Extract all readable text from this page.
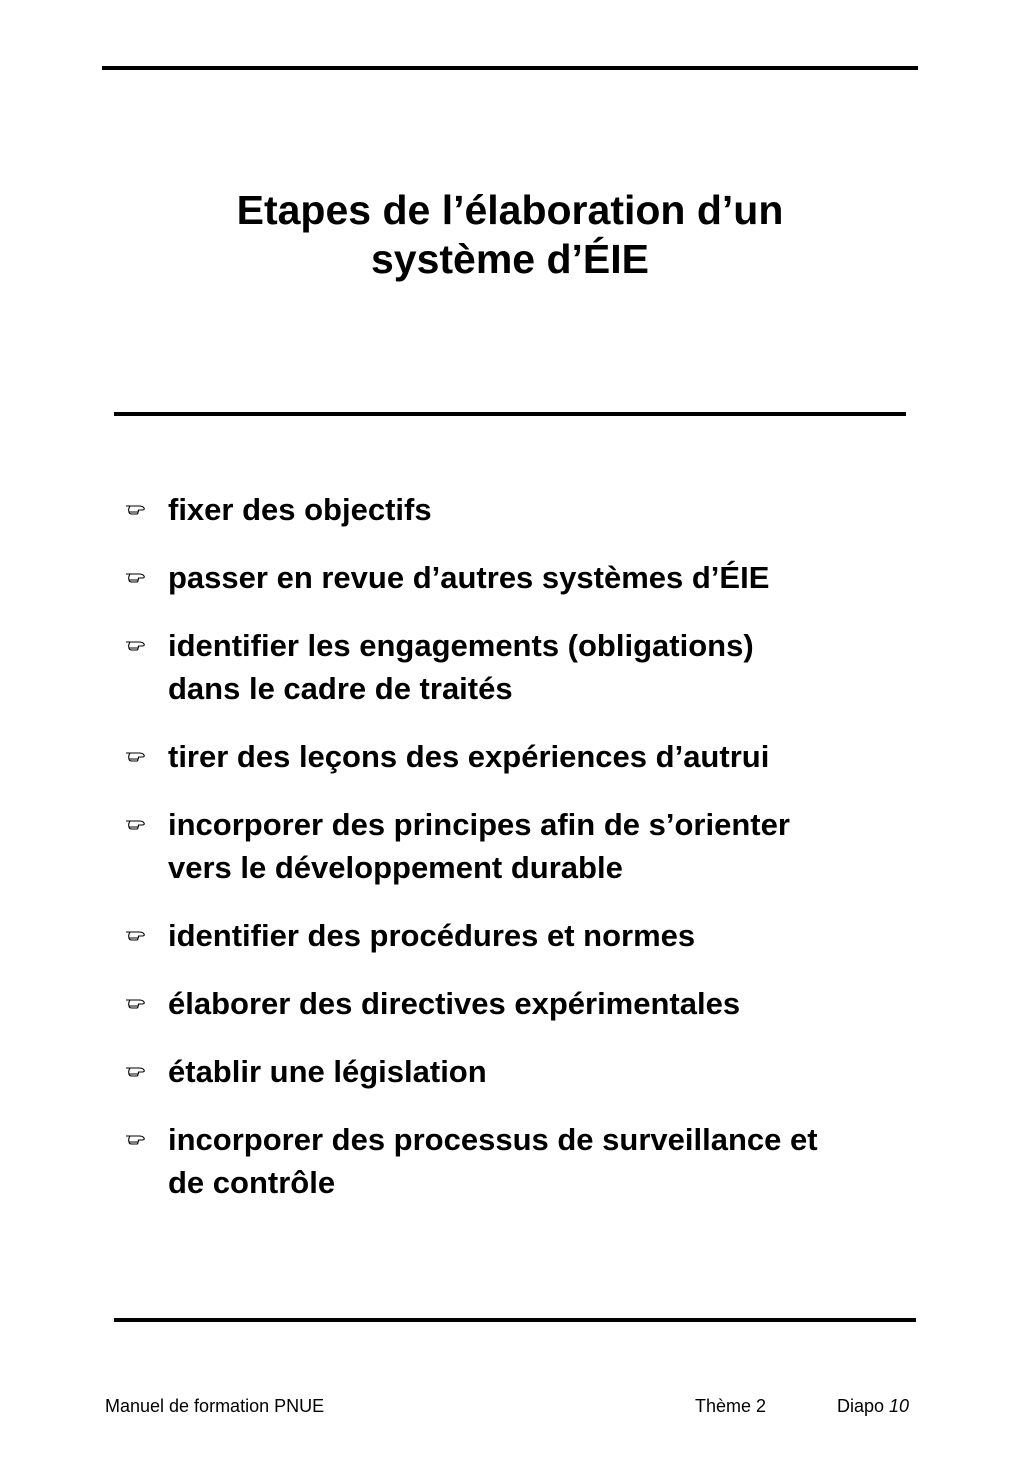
Etapes de l’élaboration d’un
système d’ÉIE
fixer des objectifs
passer en revue d’autres systèmes d’ÉIE
identifier les engagements (obligations)
dans le cadre de traités
tirer des leçons des expériences d’autrui
incorporer des principes afin de s’orienter
vers le développement durable
identifier des procédures et normes
élaborer des directives expérimentales
établir une législation
incorporer des processus de surveillance et
de contrôle
Manuel de formation PNUE	Thème 2	Diapo 10
